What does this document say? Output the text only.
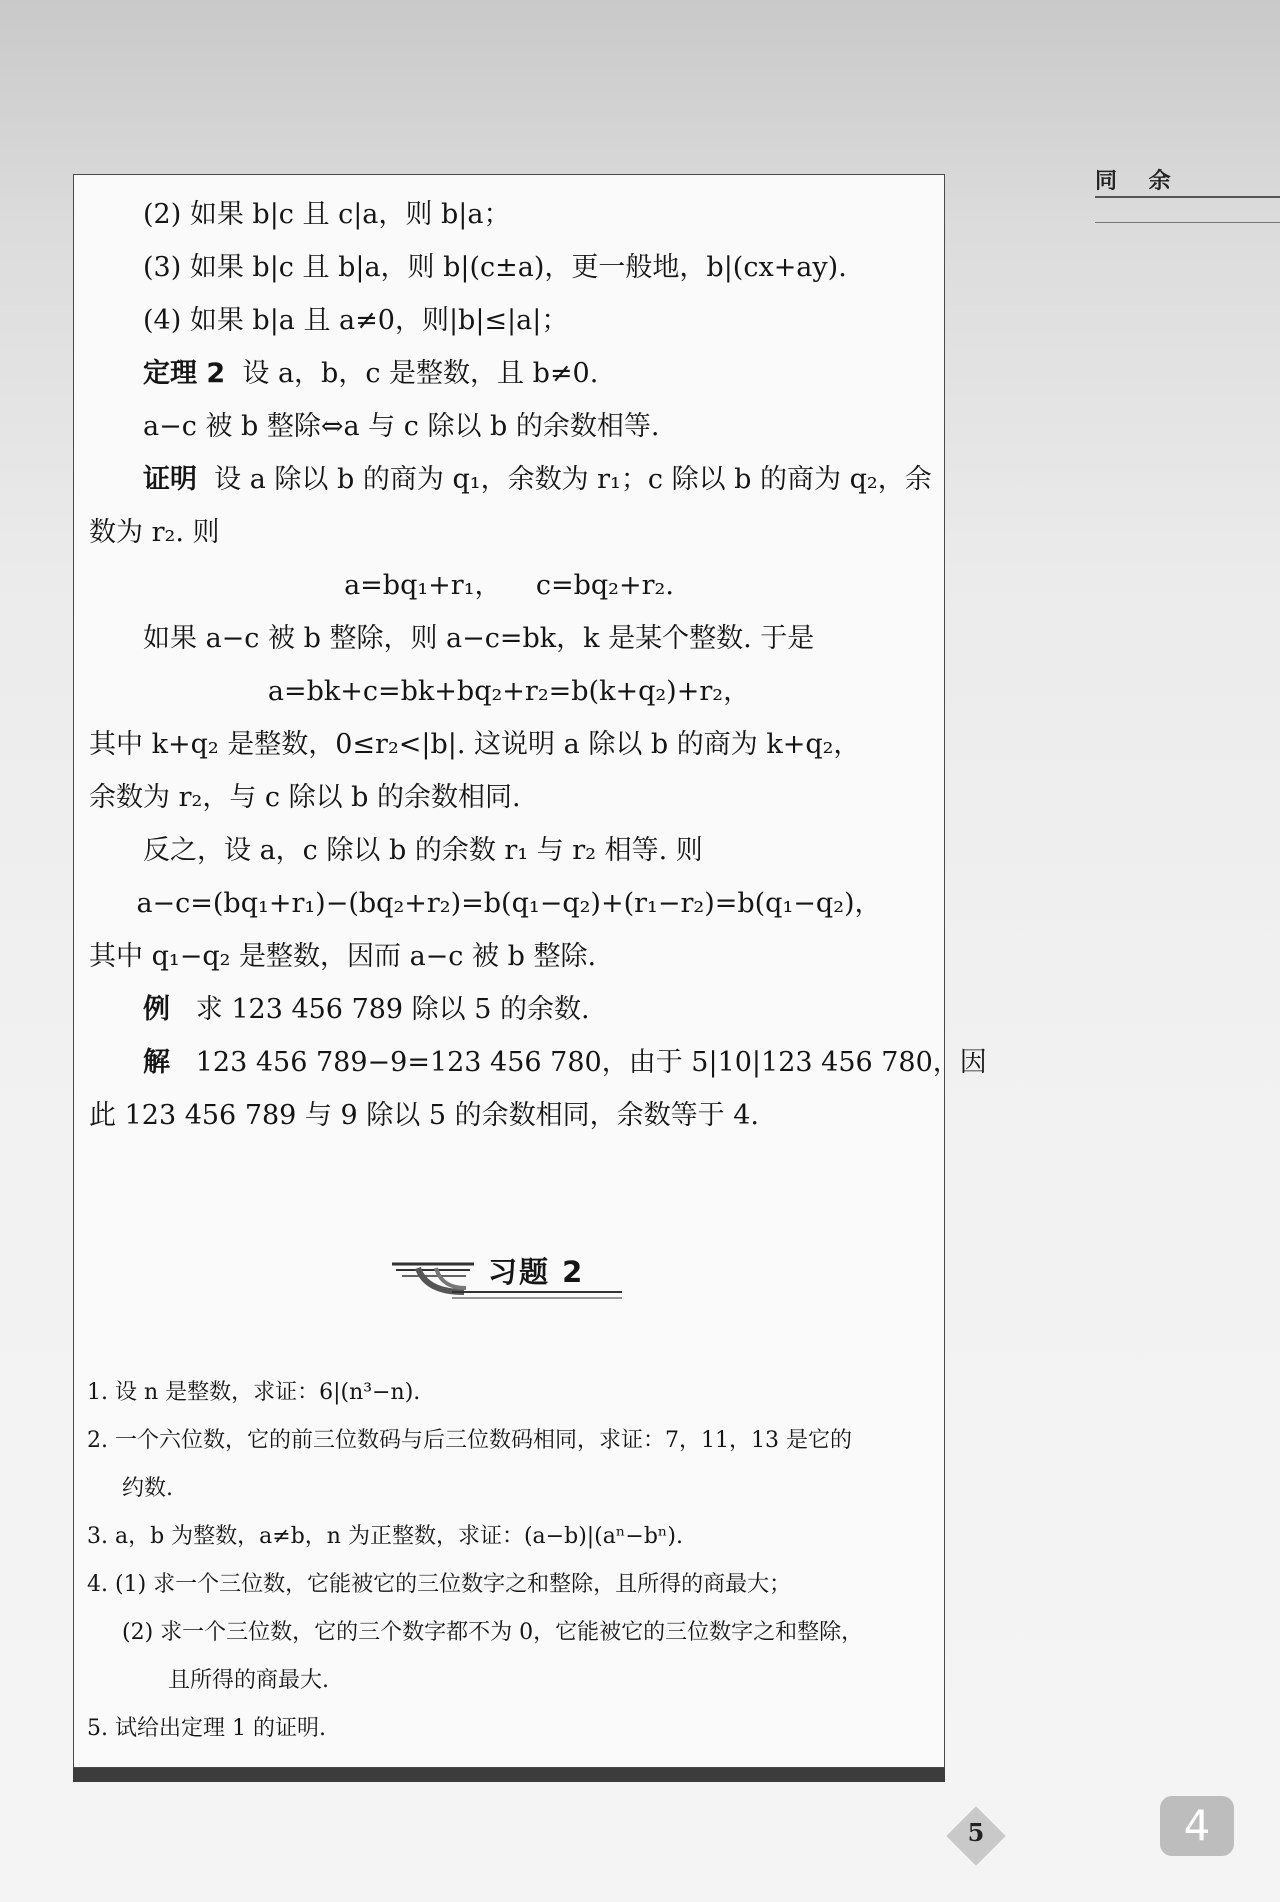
同 余
(2) 如果 b|c 且 c|a，则 b|a；
(3) 如果 b|c 且 b|a，则 b|(c±a)，更一般地，b|(cx+ay).
(4) 如果 b|a 且 a≠0，则|b|≤|a|；
定理 2 设 a，b，c 是整数，且 b≠0.
a−c 被 b 整除⇔a 与 c 除以 b 的余数相等.
证明 设 a 除以 b 的商为 q₁，余数为 r₁；c 除以 b 的商为 q₂，余
数为 r₂. 则
a=bq₁+r₁，    c=bq₂+r₂.
如果 a−c 被 b 整除，则 a−c=bk，k 是某个整数. 于是
a=bk+c=bk+bq₂+r₂=b(k+q₂)+r₂，
其中 k+q₂ 是整数，0≤r₂<|b|. 这说明 a 除以 b 的商为 k+q₂，
余数为 r₂，与 c 除以 b 的余数相同.
反之，设 a，c 除以 b 的余数 r₁ 与 r₂ 相等. 则
a−c=(bq₁+r₁)−(bq₂+r₂)=b(q₁−q₂)+(r₁−r₂)=b(q₁−q₂)，
其中 q₁−q₂ 是整数，因而 a−c 被 b 整除.
例 求 123 456 789 除以 5 的余数.
解 123 456 789−9=123 456 780，由于 5|10|123 456 780，因
此 123 456 789 与 9 除以 5 的余数相同，余数等于 4.
习题 2
1. 设 n 是整数，求证：6|(n³−n).
2. 一个六位数，它的前三位数码与后三位数码相同，求证：7，11，13 是它的
约数.
3. a，b 为整数，a≠b，n 为正整数，求证：(a−b)|(aⁿ−bⁿ).
4. (1) 求一个三位数，它能被它的三位数字之和整除，且所得的商最大；
(2) 求一个三位数，它的三个数字都不为 0，它能被它的三位数字之和整除，
且所得的商最大.
5. 试给出定理 1 的证明.
5	4
